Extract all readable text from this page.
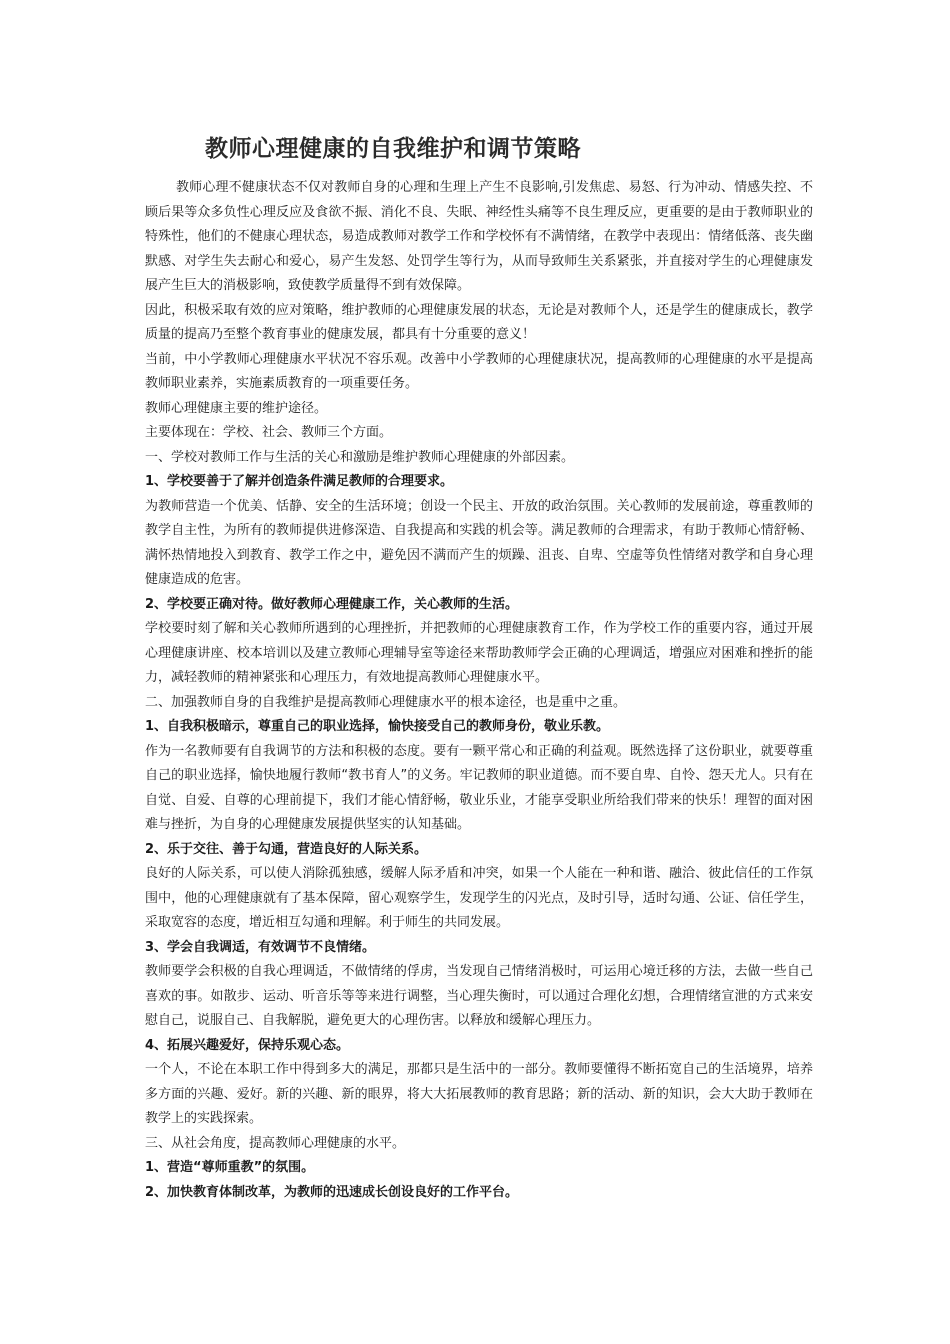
教师心理健康的自我维护和调节策略

教师心理不健康状态不仅对教师自身的心理和生理上产生不良影响,引发焦虑、易怒、行为冲动、情感失控、不顾后果等众多负性心理反应及食欲不振、消化不良、失眠、神经性头痛等不良生理反应，更重要的是由于教师职业的特殊性，他们的不健康心理状态，易造成教师对教学工作和学校怀有不满情绪，在教学中表现出：情绪低落、丧失幽默感、对学生失去耐心和爱心，易产生发怒、处罚学生等行为，从而导致师生关系紧张，并直接对学生的心理健康发展产生巨大的消极影响，致使教学质量得不到有效保障。

因此，积极采取有效的应对策略，维护教师的心理健康发展的状态，无论是对教师个人，还是学生的健康成长，教学质量的提高乃至整个教育事业的健康发展，都具有十分重要的意义！

当前，中小学教师心理健康水平状况不容乐观。改善中小学教师的心理健康状况，提高教师的心理健康的水平是提高教师职业素养，实施素质教育的一项重要任务。

教师心理健康主要的维护途径。

主要体现在：学校、社会、教师三个方面。

一、学校对教师工作与生活的关心和激励是维护教师心理健康的外部因素。

1、学校要善于了解并创造条件满足教师的合理要求。

为教师营造一个优美、恬静、安全的生活环境；创设一个民主、开放的政治氛围。关心教师的发展前途，尊重教师的教学自主性，为所有的教师提供进修深造、自我提高和实践的机会等。满足教师的合理需求，有助于教师心情舒畅、满怀热情地投入到教育、教学工作之中，避免因不满而产生的烦躁、沮丧、自卑、空虚等负性情绪对教学和自身心理健康造成的危害。

2、学校要正确对待。做好教师心理健康工作，关心教师的生活。

学校要时刻了解和关心教师所遇到的心理挫折，并把教师的心理健康教育工作，作为学校工作的重要内容，通过开展心理健康讲座、校本培训以及建立教师心理辅导室等途径来帮助教师学会正确的心理调适，增强应对困难和挫折的能力，减轻教师的精神紧张和心理压力，有效地提高教师心理健康水平。

二、加强教师自身的自我维护是提高教师心理健康水平的根本途径，也是重中之重。

1、自我积极暗示，尊重自己的职业选择，愉快接受自己的教师身份，敬业乐教。

作为一名教师要有自我调节的方法和积极的态度。要有一颗平常心和正确的利益观。既然选择了这份职业，就要尊重自己的职业选择，愉快地履行教师“教书育人”的义务。牢记教师的职业道德。而不要自卑、自怜、怨天尤人。只有在自觉、自爱、自尊的心理前提下，我们才能心情舒畅，敬业乐业，才能享受职业所给我们带来的快乐！理智的面对困难与挫折，为自身的心理健康发展提供坚实的认知基础。

2、乐于交往、善于勾通，营造良好的人际关系。

良好的人际关系，可以使人消除孤独感，缓解人际矛盾和冲突，如果一个人能在一种和谐、融洽、彼此信任的工作氛围中，他的心理健康就有了基本保障，留心观察学生，发现学生的闪光点，及时引导，适时勾通、公证、信任学生，采取宽容的态度，增近相互勾通和理解。利于师生的共同发展。

3、学会自我调适，有效调节不良情绪。

教师要学会积极的自我心理调适，不做情绪的俘虏，当发现自己情绪消极时，可运用心境迁移的方法，去做一些自己喜欢的事。如散步、运动、听音乐等等来进行调整，当心理失衡时，可以通过合理化幻想，合理情绪宣泄的方式来安慰自己，说服自己、自我解脱，避免更大的心理伤害。以释放和缓解心理压力。

4、拓展兴趣爱好，保持乐观心态。

一个人，不论在本职工作中得到多大的满足，那都只是生活中的一部分。教师要懂得不断拓宽自己的生活境界，培养多方面的兴趣、爱好。新的兴趣、新的眼界，将大大拓展教师的教育思路；新的活动、新的知识，会大大助于教师在教学上的实践探索。

三、从社会角度，提高教师心理健康的水平。

1、营造“尊师重教”的氛围。

2、加快教育体制改革，为教师的迅速成长创设良好的工作平台。
